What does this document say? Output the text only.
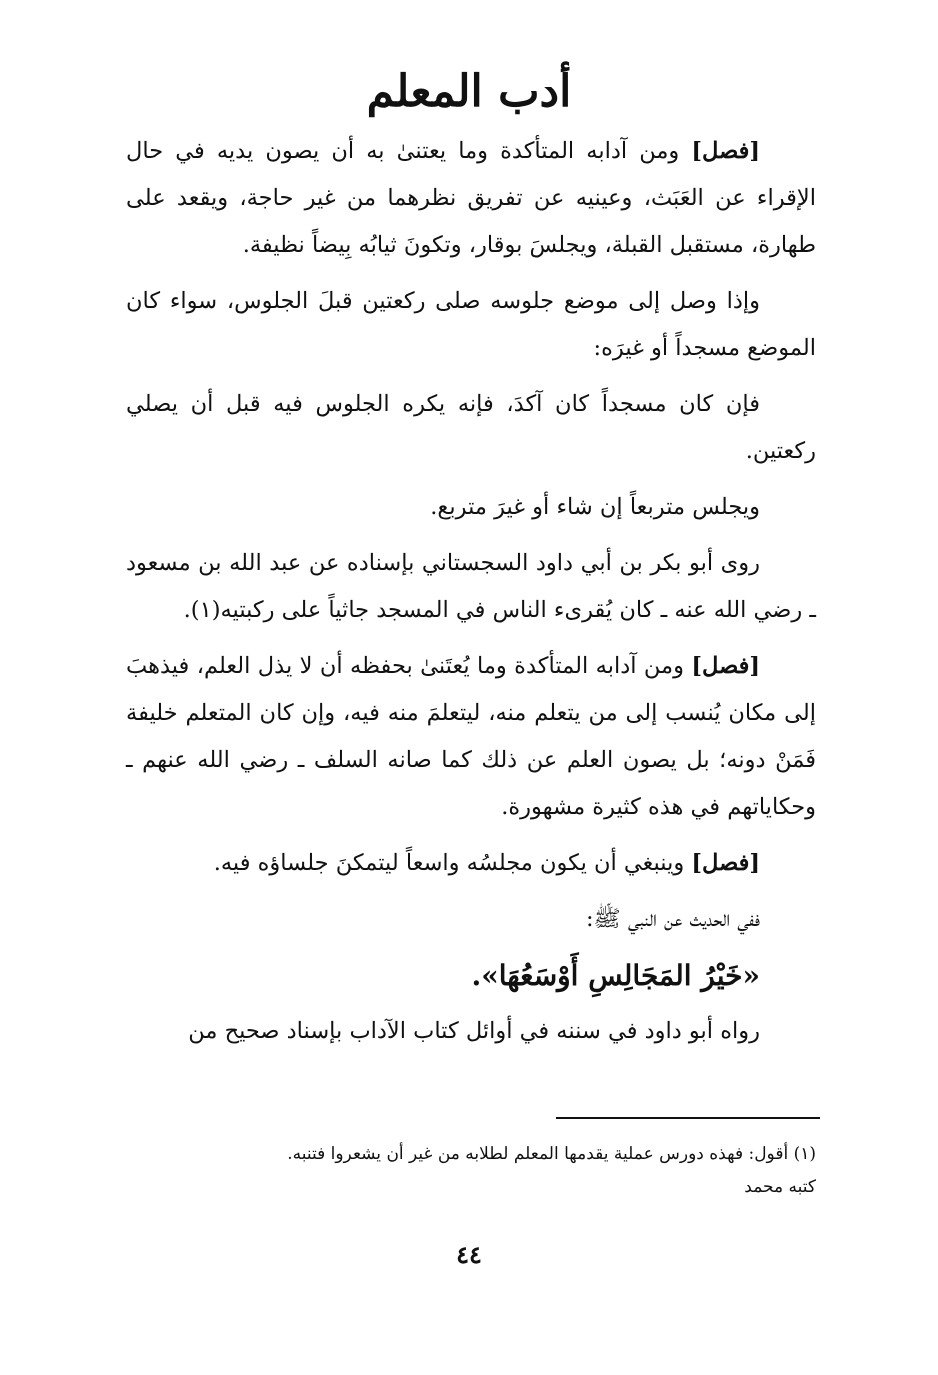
أدب المعلم

[فصل] ومن آدابه المتأكدة وما يعتنىٰ به أن يصون يديه في حال الإقراء عن العَبَث، وعينيه عن تفريق نظرهما من غير حاجة، ويقعد على طهارة، مستقبل القبلة، ويجلسَ بوقار، وتكونَ ثيابُه بِيضاً نظيفة.

وإذا وصل إلى موضع جلوسه صلى ركعتين قبلَ الجلوس، سواء كان الموضع مسجداً أو غيرَه:

فإن كان مسجداً كان آكدَ، فإنه يكره الجلوس فيه قبل أن يصلي ركعتين.

ويجلس متربعاً إن شاء أو غيرَ متربع.

روى أبو بكر بن أبي داود السجستاني بإسناده عن عبد الله بن مسعود ـ رضي الله عنه ـ كان يُقرىء الناس في المسجد جاثياً على ركبتيه(١).

[فصل] ومن آدابه المتأكدة وما يُعتَنىٰ بحفظه أن لا يذل العلم، فيذهبَ إلى مكان يُنسب إلى من يتعلم منه، ليتعلمَ منه فيه، وإن كان المتعلم خليفة فَمَنْ دونه؛ بل يصون العلم عن ذلك كما صانه السلف ـ رضي الله عنهم ـ وحكاياتهم في هذه كثيرة مشهورة.

[فصل] وينبغي أن يكون مجلسُه واسعاً ليتمكنَ جلساؤه فيه.

ففي الحديث عن النبي ﷺ:

«خَيْرُ المَجَالِسِ أَوْسَعُهَا».

رواه أبو داود في سننه في أوائل كتاب الآداب بإسناد صحيح من

(١) أقول: فهذه دورس عملية يقدمها المعلم لطلابه من غير أن يشعروا فتنبه.

كتبه محمد

٤٤
